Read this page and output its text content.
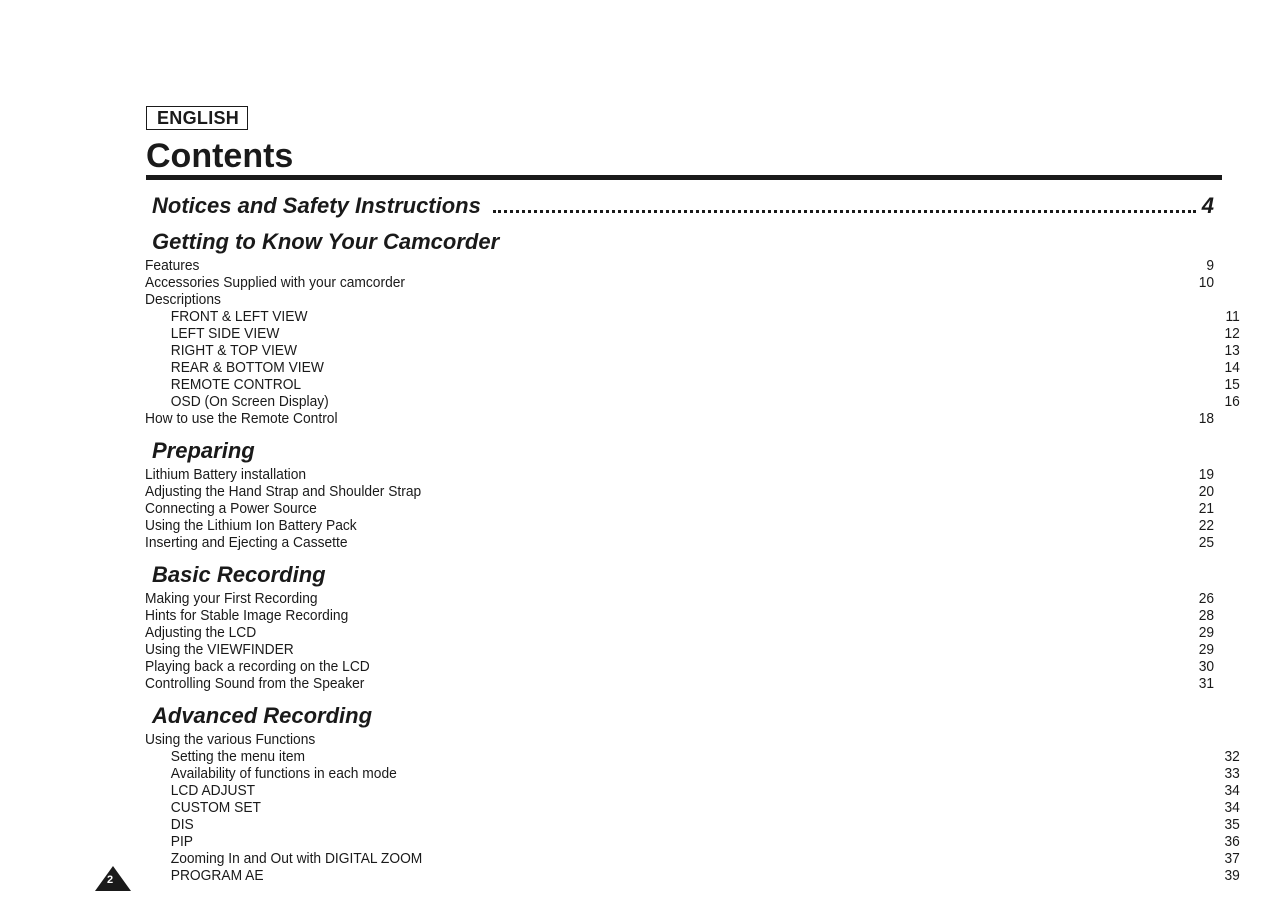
ENGLISH
Contents
Notices and Safety Instructions	4
Getting to Know Your Camcorder
Features	9
Accessories Supplied with your camcorder	10
Descriptions
FRONT & LEFT VIEW	11
LEFT SIDE VIEW	12
RIGHT & TOP VIEW	13
REAR & BOTTOM VIEW	14
REMOTE CONTROL	15
OSD (On Screen Display)	16
How to use the Remote Control	18
Preparing
Lithium Battery installation	19
Adjusting the Hand Strap and Shoulder Strap	20
Connecting a Power Source	21
Using the Lithium Ion Battery Pack	22
Inserting and Ejecting a Cassette	25
Basic Recording
Making your First Recording	26
Hints for Stable Image Recording	28
Adjusting the LCD	29
Using the VIEWFINDER	29
Playing back a recording on the LCD	30
Controlling Sound from the Speaker	31
Advanced Recording
Using the various Functions
Setting the menu item	32
Availability of functions in each mode	33
LCD ADJUST	34
CUSTOM SET	34
DIS	35
PIP	36
Zooming In and Out with DIGITAL ZOOM	37
PROGRAM AE	39
2
